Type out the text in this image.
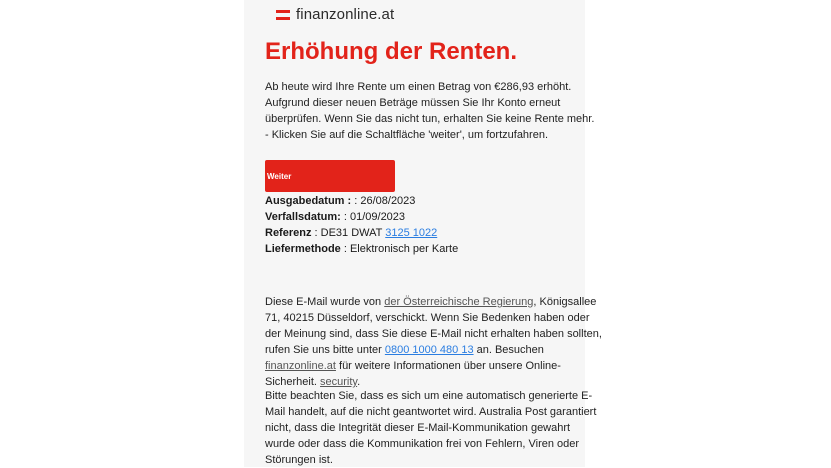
finanzonline.at
Erhöhung der Renten.

Ab heute wird Ihre Rente um einen Betrag von €286,93 erhöht.

Aufgrund dieser neuen Beträge müssen Sie Ihr Konto erneut

überprüfen. Wenn Sie das nicht tun, erhalten Sie keine Rente mehr.

- Klicken Sie auf die Schaltfläche 'weiter', um fortzufahren.

Weiter
Ausgabedatum : : 26/08/2023
Verfallsdatum: : 01/09/2023
Referenz : DE31 DWAT 3125 1022
Liefermethode : Elektronisch per Karte
Diese E-Mail wurde von der Österreichische Regierung, Königsallee
71, 40215 Düsseldorf, verschickt. Wenn Sie Bedenken haben oder
der Meinung sind, dass Sie diese E-Mail nicht erhalten haben sollten,
rufen Sie uns bitte unter 0800 1000 480 13 an. Besuchen
finanzonline.at für weitere Informationen über unsere Online-
Sicherheit. security.
Bitte beachten Sie, dass es sich um eine automatisch generierte E-
Mail handelt, auf die nicht geantwortet wird. Australia Post garantiert
nicht, dass die Integrität dieser E-Mail-Kommunikation gewahrt
wurde oder dass die Kommunikation frei von Fehlern, Viren oder
Störungen ist.
